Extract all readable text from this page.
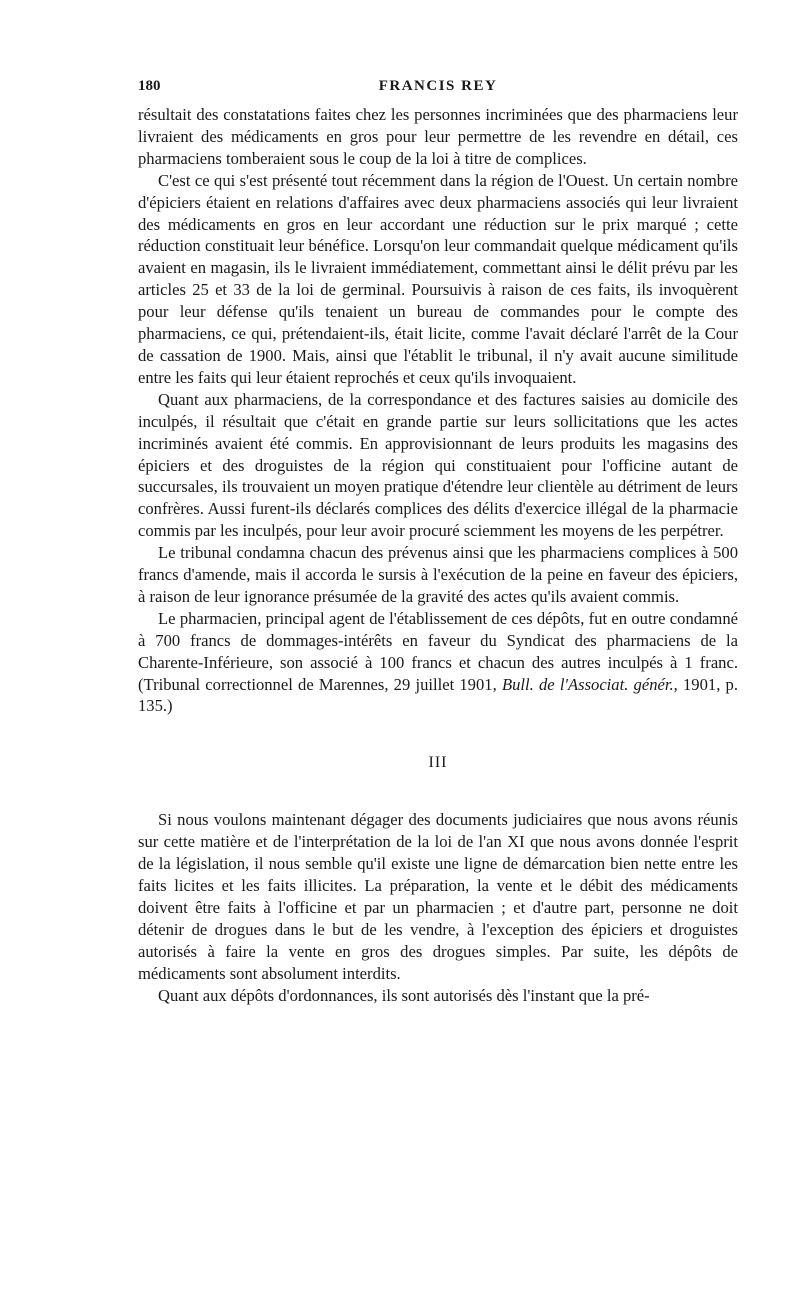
180	FRANCIS REY

résultait des constatations faites chez les personnes incriminées que des pharmaciens leur livraient des médicaments en gros pour leur permettre de les revendre en détail, ces pharmaciens tomberaient sous le coup de la loi à titre de complices.

C'est ce qui s'est présenté tout récemment dans la région de l'Ouest. Un certain nombre d'épiciers étaient en relations d'affaires avec deux pharmaciens associés qui leur livraient des médicaments en gros en leur accordant une réduction sur le prix marqué ; cette réduction constituait leur bénéfice. Lorsqu'on leur commandait quelque médicament qu'ils avaient en magasin, ils le livraient immédiatement, commettant ainsi le délit prévu par les articles 25 et 33 de la loi de germinal. Poursuivis à raison de ces faits, ils invoquèrent pour leur défense qu'ils tenaient un bureau de commandes pour le compte des pharmaciens, ce qui, prétendaient-ils, était licite, comme l'avait déclaré l'arrêt de la Cour de cassation de 1900. Mais, ainsi que l'établit le tribunal, il n'y avait aucune similitude entre les faits qui leur étaient reprochés et ceux qu'ils invoquaient.

Quant aux pharmaciens, de la correspondance et des factures saisies au domicile des inculpés, il résultait que c'était en grande partie sur leurs sollicitations que les actes incriminés avaient été commis. En approvisionnant de leurs produits les magasins des épiciers et des droguistes de la région qui constituaient pour l'officine autant de succursales, ils trouvaient un moyen pratique d'étendre leur clientèle au détriment de leurs confrères. Aussi furent-ils déclarés complices des délits d'exercice illégal de la pharmacie commis par les inculpés, pour leur avoir procuré sciemment les moyens de les perpétrer.

Le tribunal condamna chacun des prévenus ainsi que les pharmaciens complices à 500 francs d'amende, mais il accorda le sursis à l'exécution de la peine en faveur des épiciers, à raison de leur ignorance présumée de la gravité des actes qu'ils avaient commis.

Le pharmacien, principal agent de l'établissement de ces dépôts, fut en outre condamné à 700 francs de dommages-intérêts en faveur du Syndicat des pharmaciens de la Charente-Inférieure, son associé à 100 francs et chacun des autres inculpés à 1 franc. (Tribunal correctionnel de Marennes, 29 juillet 1901, Bull. de l'Associat. génér., 1901, p. 135.)

III

Si nous voulons maintenant dégager des documents judiciaires que nous avons réunis sur cette matière et de l'interprétation de la loi de l'an XI que nous avons donnée l'esprit de la législation, il nous semble qu'il existe une ligne de démarcation bien nette entre les faits licites et les faits illicites. La préparation, la vente et le débit des médicaments doivent être faits à l'officine et par un pharmacien ; et d'autre part, personne ne doit détenir de drogues dans le but de les vendre, à l'exception des épiciers et droguistes autorisés à faire la vente en gros des drogues simples. Par suite, les dépôts de médicaments sont absolument interdits.

Quant aux dépôts d'ordonnances, ils sont autorisés dès l'instant que la pré-
